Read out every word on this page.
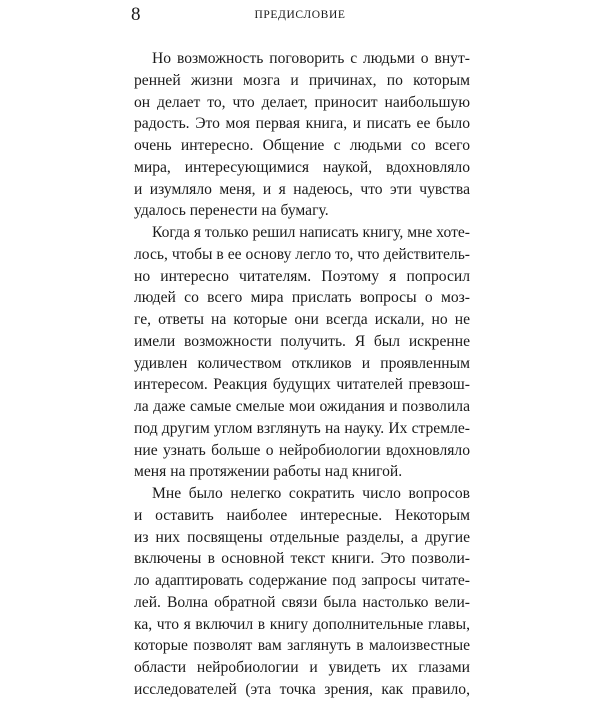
8	ПРЕДИСЛОВИЕ
Но возможность поговорить с людьми о внут-
ренней жизни мозга и причинах, по которым
он делает то, что делает, приносит наибольшую
радость. Это моя первая книга, и писать ее было
очень интересно. Общение с людьми со всего
мира, интересующимися наукой, вдохновляло
и изумляло меня, и я надеюсь, что эти чувства
удалось перенести на бумагу.
Когда я только решил написать книгу, мне хоте-
лось, чтобы в ее основу легло то, что действитель-
но интересно читателям. Поэтому я попросил
людей со всего мира прислать вопросы о моз-
ге, ответы на которые они всегда искали, но не
имели возможности получить. Я был искренне
удивлен количеством откликов и проявленным
интересом. Реакция будущих читателей превзош-
ла даже самые смелые мои ожидания и позволила
под другим углом взглянуть на науку. Их стремле-
ние узнать больше о нейробиологии вдохновляло
меня на протяжении работы над книгой.
Мне было нелегко сократить число вопросов
и оставить наиболее интересные. Некоторым
из них посвящены отдельные разделы, а другие
включены в основной текст книги. Это позволи-
ло адаптировать содержание под запросы читате-
лей. Волна обратной связи была настолько вели-
ка, что я включил в книгу дополнительные главы,
которые позволят вам заглянуть в малоизвестные
области нейробиологии и увидеть их глазами
исследователей (эта точка зрения, как правило,
